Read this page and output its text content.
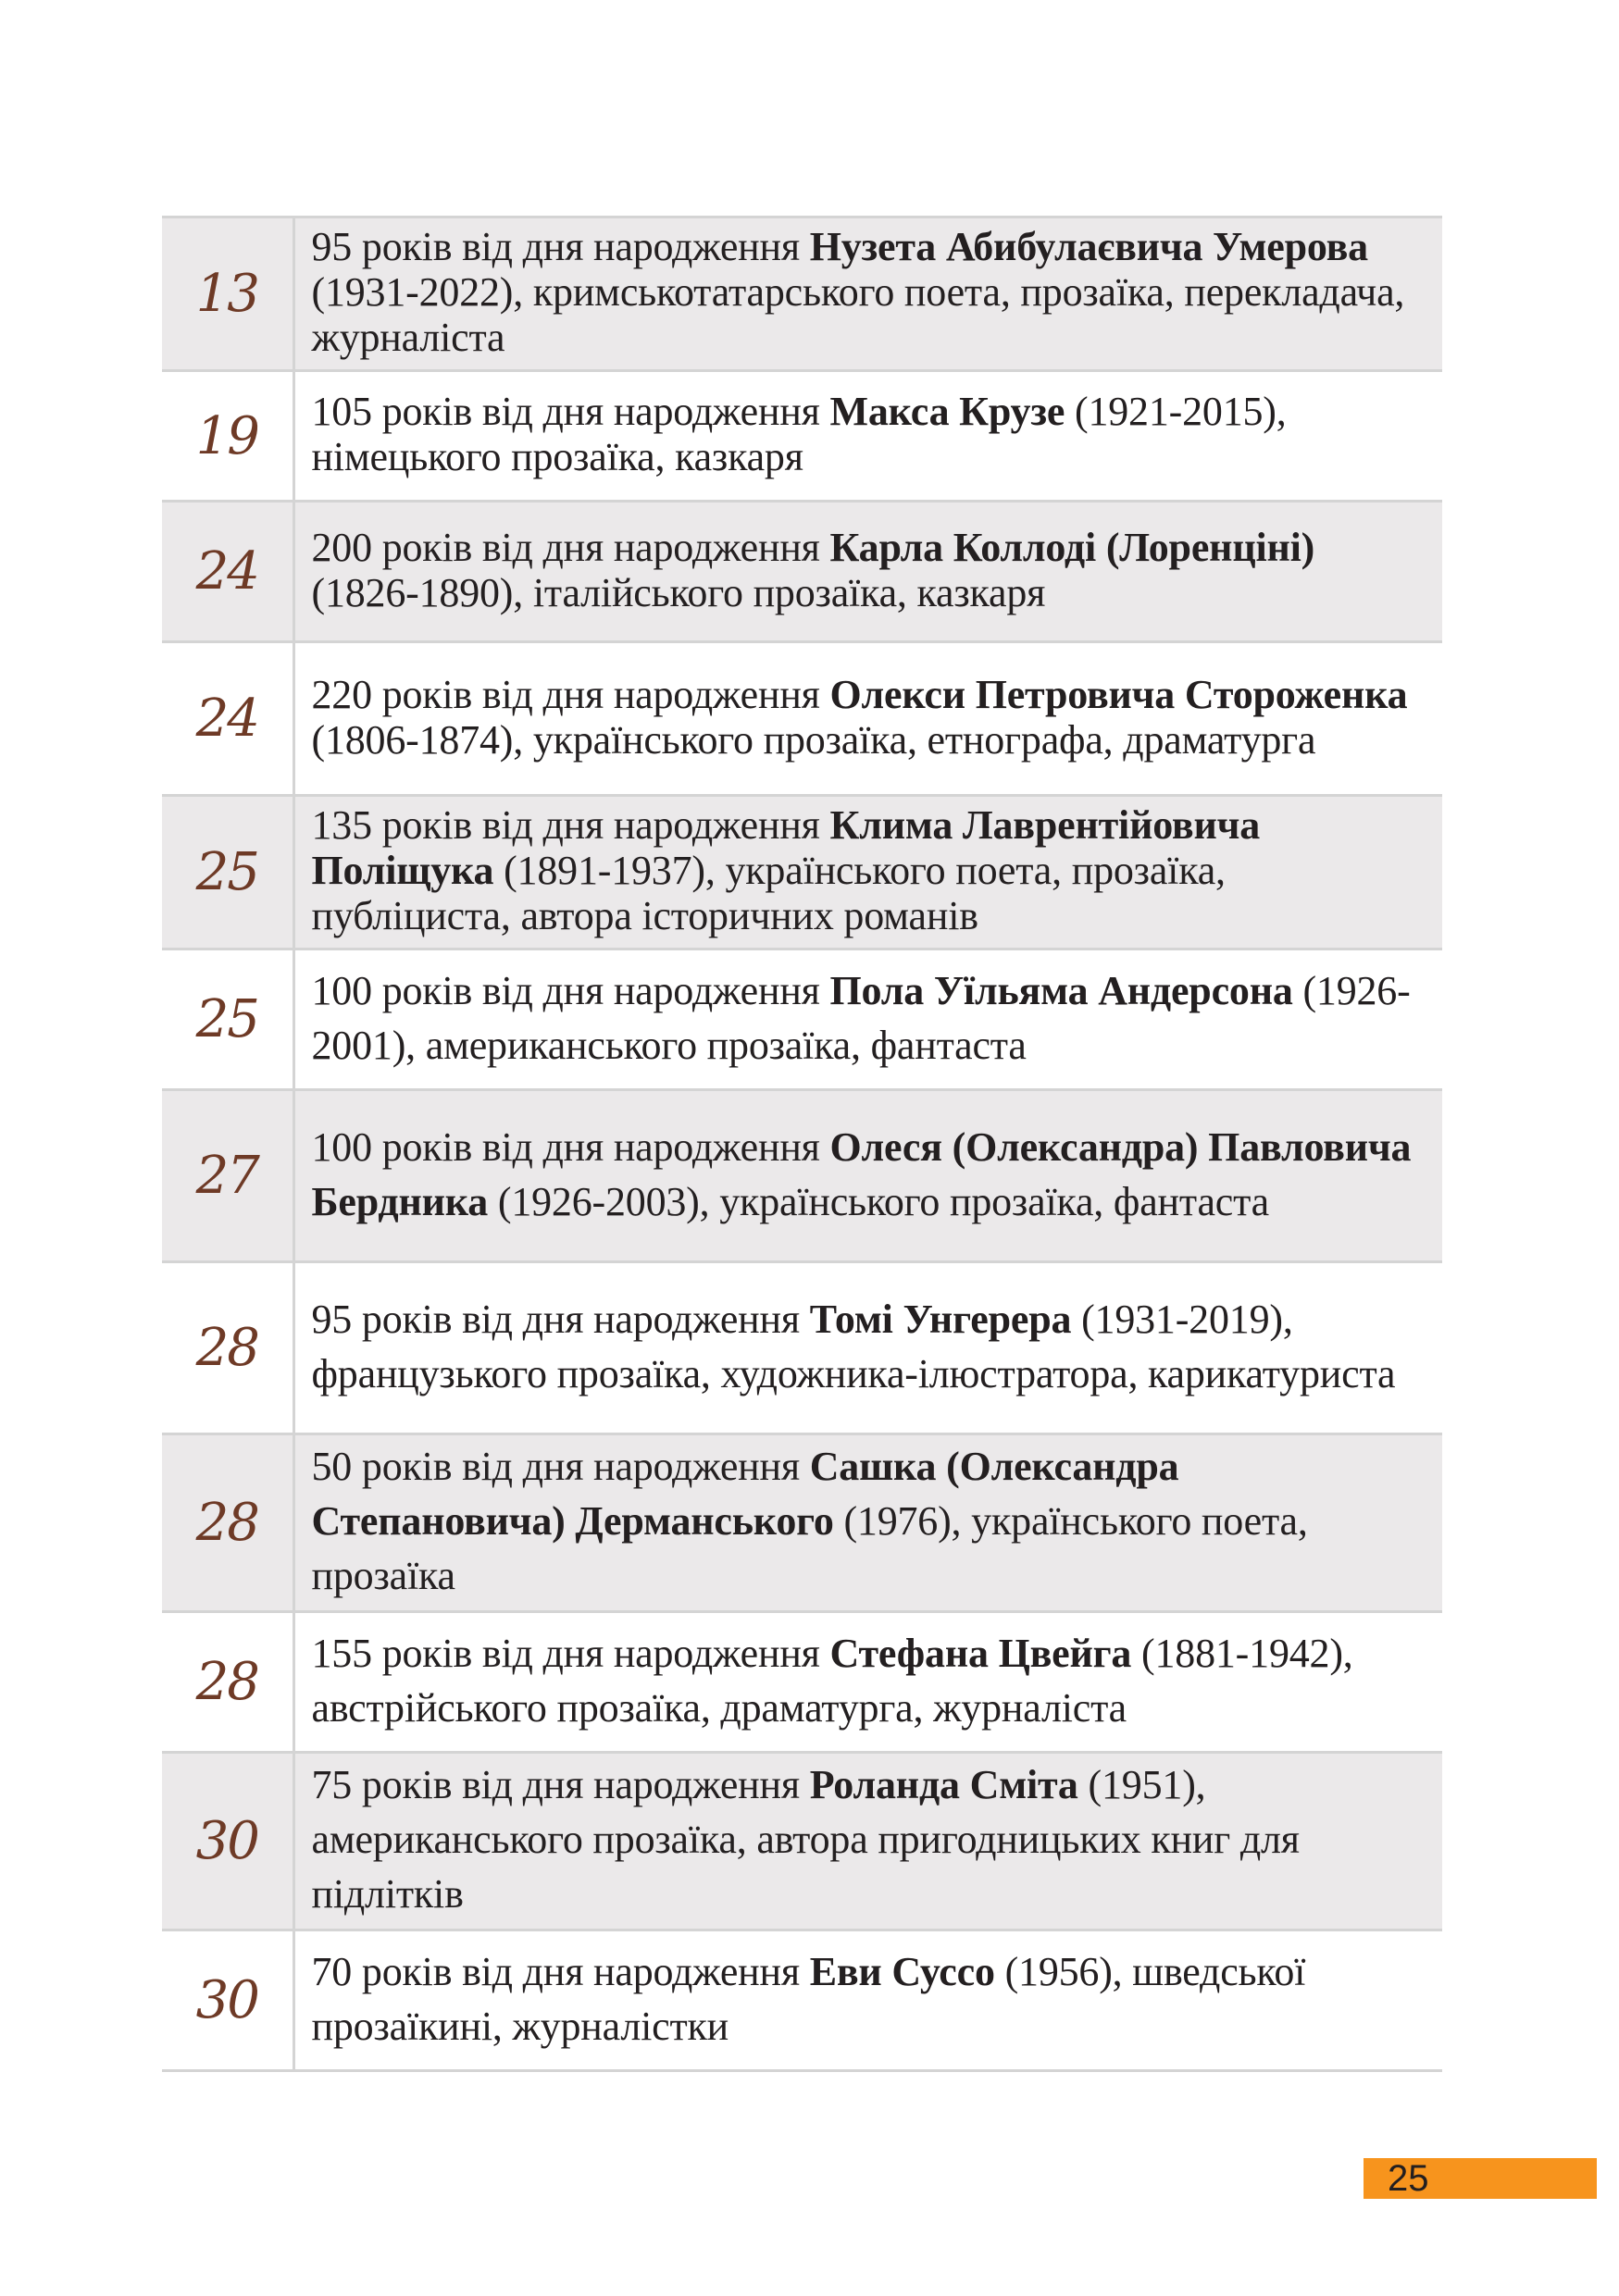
13	95 років від дня народження Нузета Абибулаєвича Умерова (1931-2022), кримськотатарського поета, прозаїка, перекладача, журналіста
19	105 років від дня народження Макса Крузе (1921-2015), німецького прозаїка, казкаря
24	200 років від дня народження Карла Коллоді (Лоренціні) (1826-1890), італійського прозаїка, казкаря
24	220 років від дня народження Олекси Петровича Стороженка (1806-1874), українського прозаїка, етнографа, драматурга
25	135 років від дня народження Клима Лаврентійовича Поліщука (1891-1937), українського поета, прозаїка, публіциста, автора історичних романів
25	100 років від дня народження Пола Уїльяма Андерсона (1926-2001), американського прозаїка, фантаста
27	100 років від дня народження Олеся (Олександра) Павловича Бердника (1926-2003), українського прозаїка, фантаста
28	95 років від дня народження Томі Унгерера (1931-2019), французького прозаїка, художника-ілюстратора, карикатуриста
28	50 років від дня народження Сашка (Олександра Степановича) Дерманського (1976), українського поета, прозаїка
28	155 років від дня народження Стефана Цвейга (1881-1942), австрійського прозаїка, драматурга, журналіста
30	75 років від дня народження Роланда Сміта (1951), американського прозаїка, автора пригодницьких книг для підлітків
30	70 років від дня народження Еви Суссо (1956), шведської прозаїкині, журналістки
25
